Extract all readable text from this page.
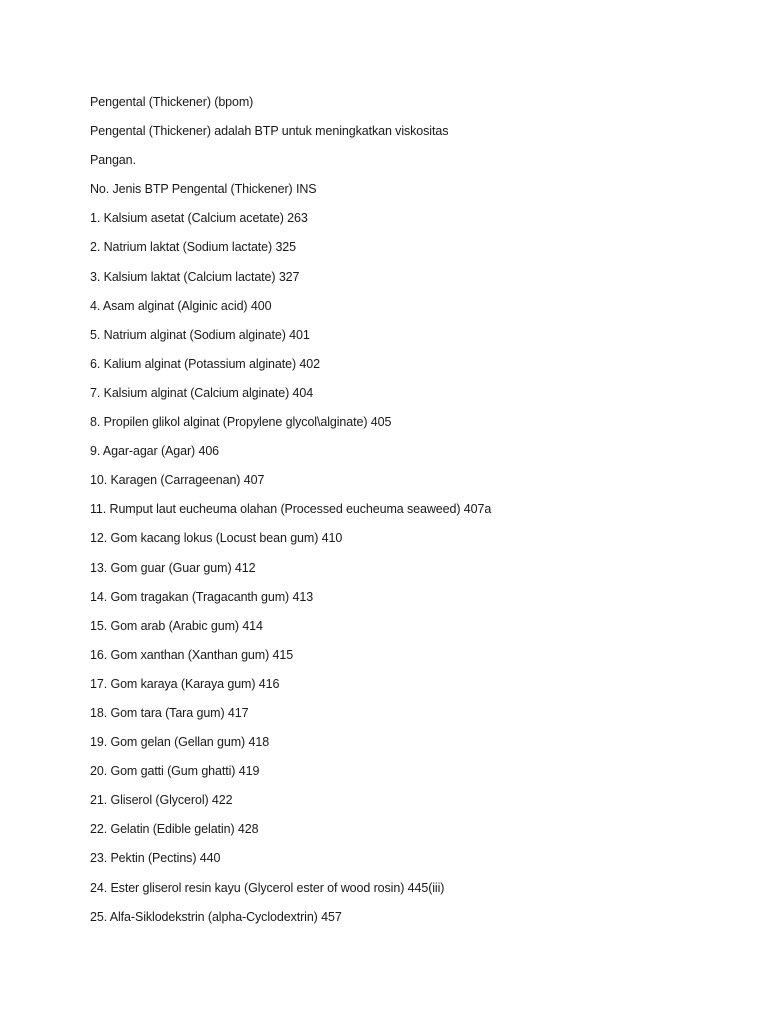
Pengental (Thickener) (bpom)
Pengental (Thickener) adalah BTP untuk meningkatkan viskositas
Pangan.
No. Jenis BTP Pengental (Thickener) INS
1. Kalsium asetat (Calcium acetate) 263
2. Natrium laktat (Sodium lactate) 325
3. Kalsium laktat (Calcium lactate) 327
4. Asam alginat (Alginic acid) 400
5. Natrium alginat (Sodium alginate) 401
6. Kalium alginat (Potassium alginate) 402
7. Kalsium alginat (Calcium alginate) 404
8. Propilen glikol alginat (Propylene glycol\alginate) 405
9. Agar-agar (Agar) 406
10. Karagen (Carrageenan) 407
11. Rumput laut eucheuma olahan (Processed eucheuma seaweed) 407a
12. Gom kacang lokus (Locust bean gum) 410
13. Gom guar (Guar gum) 412
14. Gom tragakan (Tragacanth gum) 413
15. Gom arab (Arabic gum) 414
16. Gom xanthan (Xanthan gum) 415
17. Gom karaya (Karaya gum) 416
18. Gom tara (Tara gum) 417
19. Gom gelan (Gellan gum) 418
20. Gom gatti (Gum ghatti) 419
21. Gliserol (Glycerol) 422
22. Gelatin (Edible gelatin) 428
23. Pektin (Pectins) 440
24. Ester gliserol resin kayu (Glycerol ester of wood rosin) 445(iii)
25. Alfa-Siklodekstrin (alpha-Cyclodextrin) 457
